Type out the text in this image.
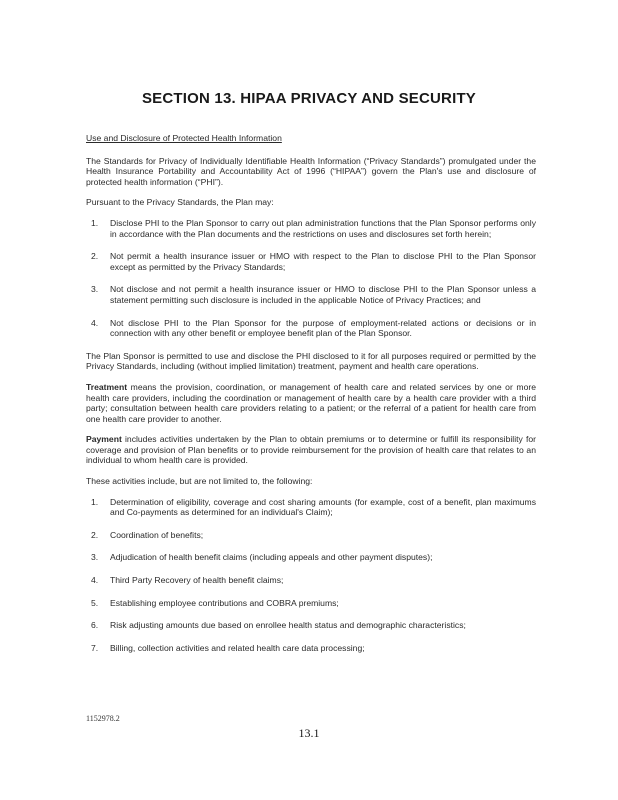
SECTION 13. HIPAA PRIVACY AND SECURITY
Use and Disclosure of Protected Health Information

The Standards for Privacy of Individually Identifiable Health Information (“Privacy Standards”) promulgated under the Health Insurance Portability and Accountability Act of 1996 (“HIPAA”) govern the Plan's use and disclosure of protected health information (“PHI”).

Pursuant to the Privacy Standards, the Plan may:

1. Disclose PHI to the Plan Sponsor to carry out plan administration functions that the Plan Sponsor performs only in accordance with the Plan documents and the restrictions on uses and disclosures set forth herein;
2. Not permit a health insurance issuer or HMO with respect to the Plan to disclose PHI to the Plan Sponsor except as permitted by the Privacy Standards;
3. Not disclose and not permit a health insurance issuer or HMO to disclose PHI to the Plan Sponsor unless a statement permitting such disclosure is included in the applicable Notice of Privacy Practices; and
4. Not disclose PHI to the Plan Sponsor for the purpose of employment-related actions or decisions or in connection with any other benefit or employee benefit plan of the Plan Sponsor.

The Plan Sponsor is permitted to use and disclose the PHI disclosed to it for all purposes required or permitted by the Privacy Standards, including (without implied limitation) treatment, payment and health care operations.

Treatment means the provision, coordination, or management of health care and related services by one or more health care providers, including the coordination or management of health care by a health care provider with a third party; consultation between health care providers relating to a patient; or the referral of a patient for health care from one health care provider to another.

Payment includes activities undertaken by the Plan to obtain premiums or to determine or fulfill its responsibility for coverage and provision of Plan benefits or to provide reimbursement for the provision of health care that relates to an individual to whom health care is provided.

These activities include, but are not limited to, the following:

1. Determination of eligibility, coverage and cost sharing amounts (for example, cost of a benefit, plan maximums and Co-payments as determined for an individual's Claim);
2. Coordination of benefits;
3. Adjudication of health benefit claims (including appeals and other payment disputes);
4. Third Party Recovery of health benefit claims;
5. Establishing employee contributions and COBRA premiums;
6. Risk adjusting amounts due based on enrollee health status and demographic characteristics;
7. Billing, collection activities and related health care data processing;
1152978.2
13.1
